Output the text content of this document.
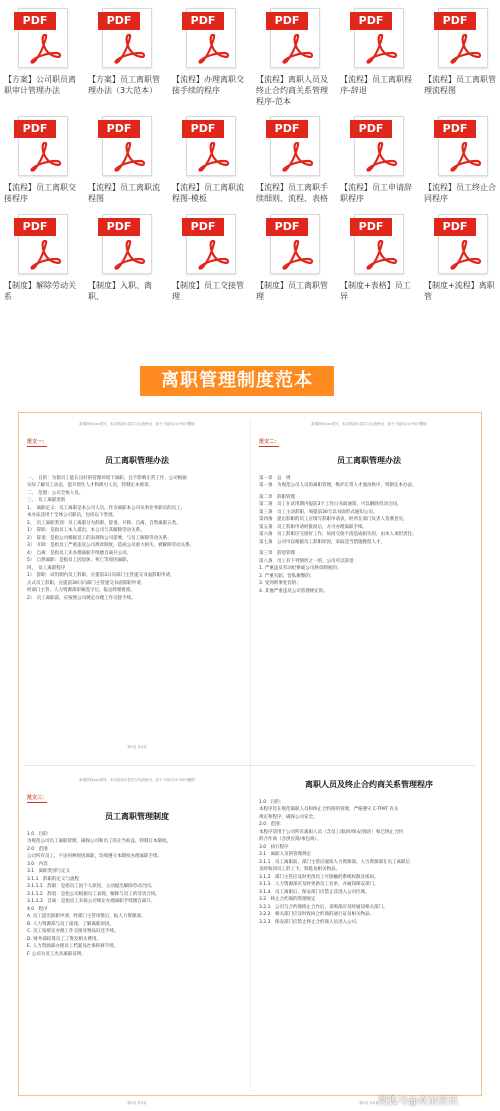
PDF
【方案】公司职员离职审计管理办法
PDF
【方案】员工离职管理办法（3大范本）
PDF
【流程】办理离职交接手续的程序
PDF
【流程】离职人员及终止合约商关系管理程序-范本
PDF
【流程】员工离职程序-辞退
PDF
【流程】员工离职管理流程图
PDF
【流程】员工离职交接程序
PDF
【流程】员工离职流程图
PDF
【流程】员工离职流程图-模板
PDF
【流程】员工离职手续细则、流程、表格
PDF
【流程】员工申请辞职程序
PDF
【流程】员工终止合同程序
PDF
【制度】解除劳动关系
PDF
【制度】入职、离职、
PDF
【制度】员工交接管理
PDF
【制度】员工离职管理
PDF
【制度+表格】员工异
PDF
【制度+流程】离职管
离职管理制度范本
新增资料xxx系列，本站资源仅供学习交流使用，请于下载后24小时内删除
范文一：
员工离职管理办法
一、　目的：为使员工能在良好的管理环境下离职，且不影响正常工作，公司根据
实际了解员工动态，提升留住人才和吸引人员，特制定本规章。
二、　范围：公司全体人员。
三、　员工离职类别
1、　离职定义：员工离职是本公司人员，作为离职本公司从事业务职员的员工。
本办法适用于全体公司职员，包括以下类别。
2、　员工离职类别：员工离职分为辞职、辞退、开除、自离、自然离职五类。
1）　辞职：是指员工本人提出，本公司与其解除劳动关系。
2）　辞退：是指公司根据员工的表现和公司需要，与员工解除劳动关系。
3）　开除：是指员工严重违反公司规章制度，造成公司重大损失，被解除劳动关系。
4）　自离：是指员工未办理离职手续擅自离开公司。
5）　自然离职：是指员工因退休、死亡等原因离职。
四、　员工离职程序
1）　辞职：试用期内员工辞职，应提前3日向部门主管递交书面辞职申请，
正式员工辞职，应提前30日向部门主管递交书面辞职申请，
经部门主管、人力资源部审核签字后，报总经理批准。
2）　员工离职前，应按照公司规定办理工作交接手续。
第1页 共4页
新增资料xxx系列，本站资源仅供学习交流使用，请于下载后24小时内删除
范文二：
员工离职管理办法
第一章　总　则
第一条　为规范公司人员的离职管理，维护正常人才流动秩序，特制定本办法。
第二章　辞职管理
第二条　员工在试用期内提前3个工作日书面通知，可以解除劳动合同。
第三条　员工主动辞职，须提前30天以书面形式通知公司。
第四条　提出辞职的员工应填写辞职申请表，经所在部门负责人签署意见。
第五条　员工辞职申请经批准后，方可办理离职手续。
第六条　员工辞职应交接好工作，如因交接不清造成损失的，由本人承担责任。
第七条　公司可以根据员工辞职原因，采取适当措施挽留人才。
第三章　辞退管理
第八条　员工有下列情形之一的，公司可以辞退：
1. 严重违反劳动纪律或公司规章制度的；
2. 严重失职、营私舞弊的；
3. 受到刑事处罚的；
4. 其他严重违反公司管理规定的。
新增资料xxx系列，本站资源仅供学习交流使用，请于下载后24小时内删除
范文三：
员工离职管理制度
1.0　目的
为规范公司员工离职管理，确保公司和员工的正当权益，特制订本制度。
2.0　范围
公司所有员工，不论何种原因离职，均须遵守本制度办理离职手续。
3.0　内容
3.1　离职类别与定义
3.1.1　辞职的定义与流程
3.1.1.1　辞职：是指员工因个人原因，主动提出解除劳动合同。
3.1.1.2　辞退：是指公司根据员工表现，解除与员工的劳动合同。
3.1.1.3　自离：是指员工未按公司规定办理离职手续擅自离开。
4.0　程序
A. 员工提出辞职申请，经部门主管审批后，报人力资源部。
B. 人力资源部与员工面谈，了解离职原因。
C. 员工按规定办理工作交接及物品归还手续。
D. 财务部结算员工工资及相关费用。
E. 人力资源部办理员工档案及社保转移手续。
F. 公司为员工出具离职证明。
第1页 共3页
离职人员及终止合约商关系管理程序
1.0　目的：
本程序旨在规范离职人员和终止合约商的管理，严格遵守 C-TPAT 有关
规定和程序，确保公司安全。
2.0　范围：
本程序适用于公司所有离职人员（含员工/临时/保安/保洁）和已终止合约
的合作商（含供应商/承包商）。
3.0　执行程序
3.1　离职人员的管理规定
3.1.1　员工离职前，部门主管应通知人力资源部，人力资源部在员工离职后
及时收回员工的工卡、钥匙及相关物品。
3.1.2　部门主管应及时更改员工可接触的系统权限及密码。
3.1.3　人力资源部应及时更新员工名单，并通知保安部门。
3.1.4　员工离职后，保安部门应禁止其进入公司区域。
3.2　终止合约商的管理规定
3.2.1　公司与合约商终止合作后，采购部应及时通知相关部门。
3.2.2　相关部门应及时收回合约商的通行证及相关物品。
3.2.3　保安部门应禁止终止合约商人员进入公司。
第1页 共2页 搜狐号@欢谊资讯
